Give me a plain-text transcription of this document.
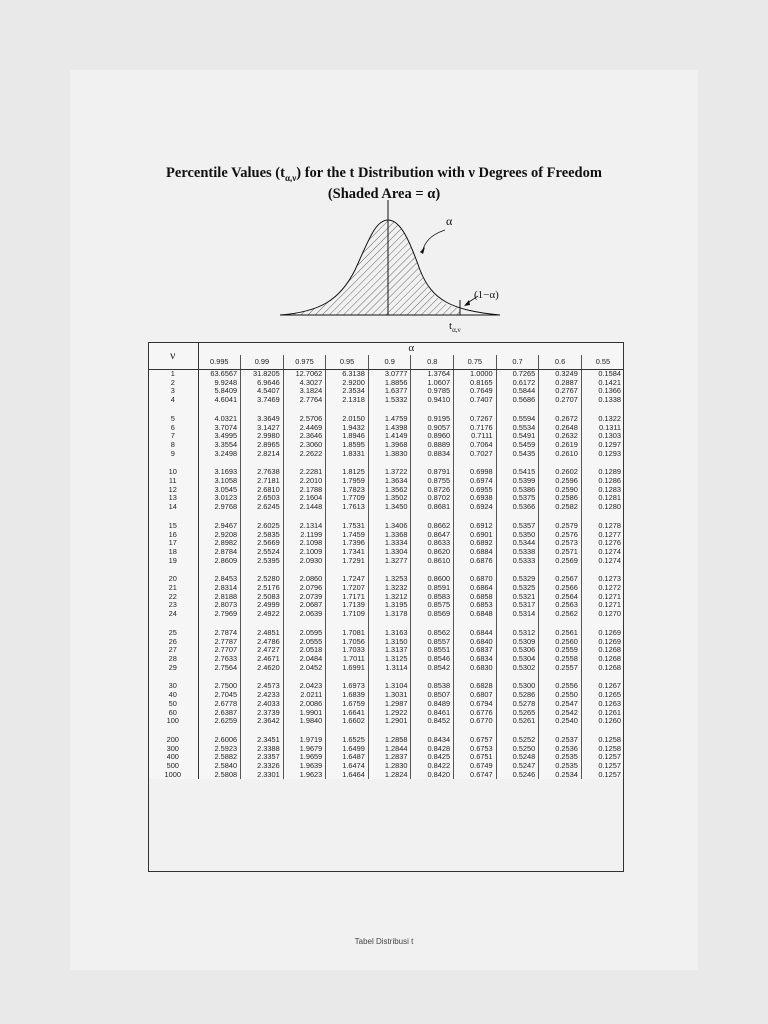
Percentile Values $(t_{\alpha,\nu})$ for the t Distribution with ν Degrees of Freedom
(Shaded Area = α)
α
(1−α)
$t_{\alpha,\nu}$
ν	α									
	0.995	0.99	0.975	0.95	0.9	0.8	0.75	0.7	0.6	0.55
1	63.6567	31.8205	12.7062	6.3138	3.0777	1.3764	1.0000	0.7265	0.3249	0.1584
2	9.9248	6.9646	4.3027	2.9200	1.8856	1.0607	0.8165	0.6172	0.2887	0.1421
3	5.8409	4.5407	3.1824	2.3534	1.6377	0.9785	0.7649	0.5844	0.2767	0.1366
4	4.6041	3.7469	2.7764	2.1318	1.5332	0.9410	0.7407	0.5686	0.2707	0.1338

5	4.0321	3.3649	2.5706	2.0150	1.4759	0.9195	0.7267	0.5594	0.2672	0.1322
6	3.7074	3.1427	2.4469	1.9432	1.4398	0.9057	0.7176	0.5534	0.2648	0.1311
7	3.4995	2.9980	2.3646	1.8946	1.4149	0.8960	0.7111	0.5491	0.2632	0.1303
8	3.3554	2.8965	2.3060	1.8595	1.3968	0.8889	0.7064	0.5459	0.2619	0.1297
9	3.2498	2.8214	2.2622	1.8331	1.3830	0.8834	0.7027	0.5435	0.2610	0.1293

10	3.1693	2.7638	2.2281	1.8125	1.3722	0.8791	0.6998	0.5415	0.2602	0.1289
11	3.1058	2.7181	2.2010	1.7959	1.3634	0.8755	0.6974	0.5399	0.2596	0.1286
12	3.0545	2.6810	2.1788	1.7823	1.3562	0.8726	0.6955	0.5386	0.2590	0.1283
13	3.0123	2.6503	2.1604	1.7709	1.3502	0.8702	0.6938	0.5375	0.2586	0.1281
14	2.9768	2.6245	2.1448	1.7613	1.3450	0.8681	0.6924	0.5366	0.2582	0.1280

15	2.9467	2.6025	2.1314	1.7531	1.3406	0.8662	0.6912	0.5357	0.2579	0.1278
16	2.9208	2.5835	2.1199	1.7459	1.3368	0.8647	0.6901	0.5350	0.2576	0.1277
17	2.8982	2.5669	2.1098	1.7396	1.3334	0.8633	0.6892	0.5344	0.2573	0.1276
18	2.8784	2.5524	2.1009	1.7341	1.3304	0.8620	0.6884	0.5338	0.2571	0.1274
19	2.8609	2.5395	2.0930	1.7291	1.3277	0.8610	0.6876	0.5333	0.2569	0.1274

20	2.8453	2.5280	2.0860	1.7247	1.3253	0.8600	0.6870	0.5329	0.2567	0.1273
21	2.8314	2.5176	2.0796	1.7207	1.3232	0.8591	0.6864	0.5325	0.2566	0.1272
22	2.8188	2.5083	2.0739	1.7171	1.3212	0.8583	0.6858	0.5321	0.2564	0.1271
23	2.8073	2.4999	2.0687	1.7139	1.3195	0.8575	0.6853	0.5317	0.2563	0.1271
24	2.7969	2.4922	2.0639	1.7109	1.3178	0.8569	0.6848	0.5314	0.2562	0.1270

25	2.7874	2.4851	2.0595	1.7081	1.3163	0.8562	0.6844	0.5312	0.2561	0.1269
26	2.7787	2.4786	2.0555	1.7056	1.3150	0.8557	0.6840	0.5309	0.2560	0.1269
27	2.7707	2.4727	2.0518	1.7033	1.3137	0.8551	0.6837	0.5306	0.2559	0.1268
28	2.7633	2.4671	2.0484	1.7011	1.3125	0.8546	0.6834	0.5304	0.2558	0.1268
29	2.7564	2.4620	2.0452	1.6991	1.3114	0.8542	0.6830	0.5302	0.2557	0.1268

30	2.7500	2.4573	2.0423	1.6973	1.3104	0.8538	0.6828	0.5300	0.2556	0.1267
40	2.7045	2.4233	2.0211	1.6839	1.3031	0.8507	0.6807	0.5286	0.2550	0.1265
50	2.6778	2.4033	2.0086	1.6759	1.2987	0.8489	0.6794	0.5278	0.2547	0.1263
60	2.6387	2.3739	1.9901	1.6641	1.2922	0.8461	0.6776	0.5265	0.2542	0.1261
100	2.6259	2.3642	1.9840	1.6602	1.2901	0.8452	0.6770	0.5261	0.2540	0.1260

200	2.6006	2.3451	1.9719	1.6525	1.2858	0.8434	0.6757	0.5252	0.2537	0.1258
300	2.5923	2.3388	1.9679	1.6499	1.2844	0.8428	0.6753	0.5250	0.2536	0.1258
400	2.5882	2.3357	1.9659	1.6487	1.2837	0.8425	0.6751	0.5248	0.2535	0.1257
500	2.5840	2.3326	1.9639	1.6474	1.2830	0.8422	0.6749	0.5247	0.2535	0.1257
1000	2.5808	2.3301	1.9623	1.6464	1.2824	0.8420	0.6747	0.5246	0.2534	0.1257
Tabel Distribusi t
